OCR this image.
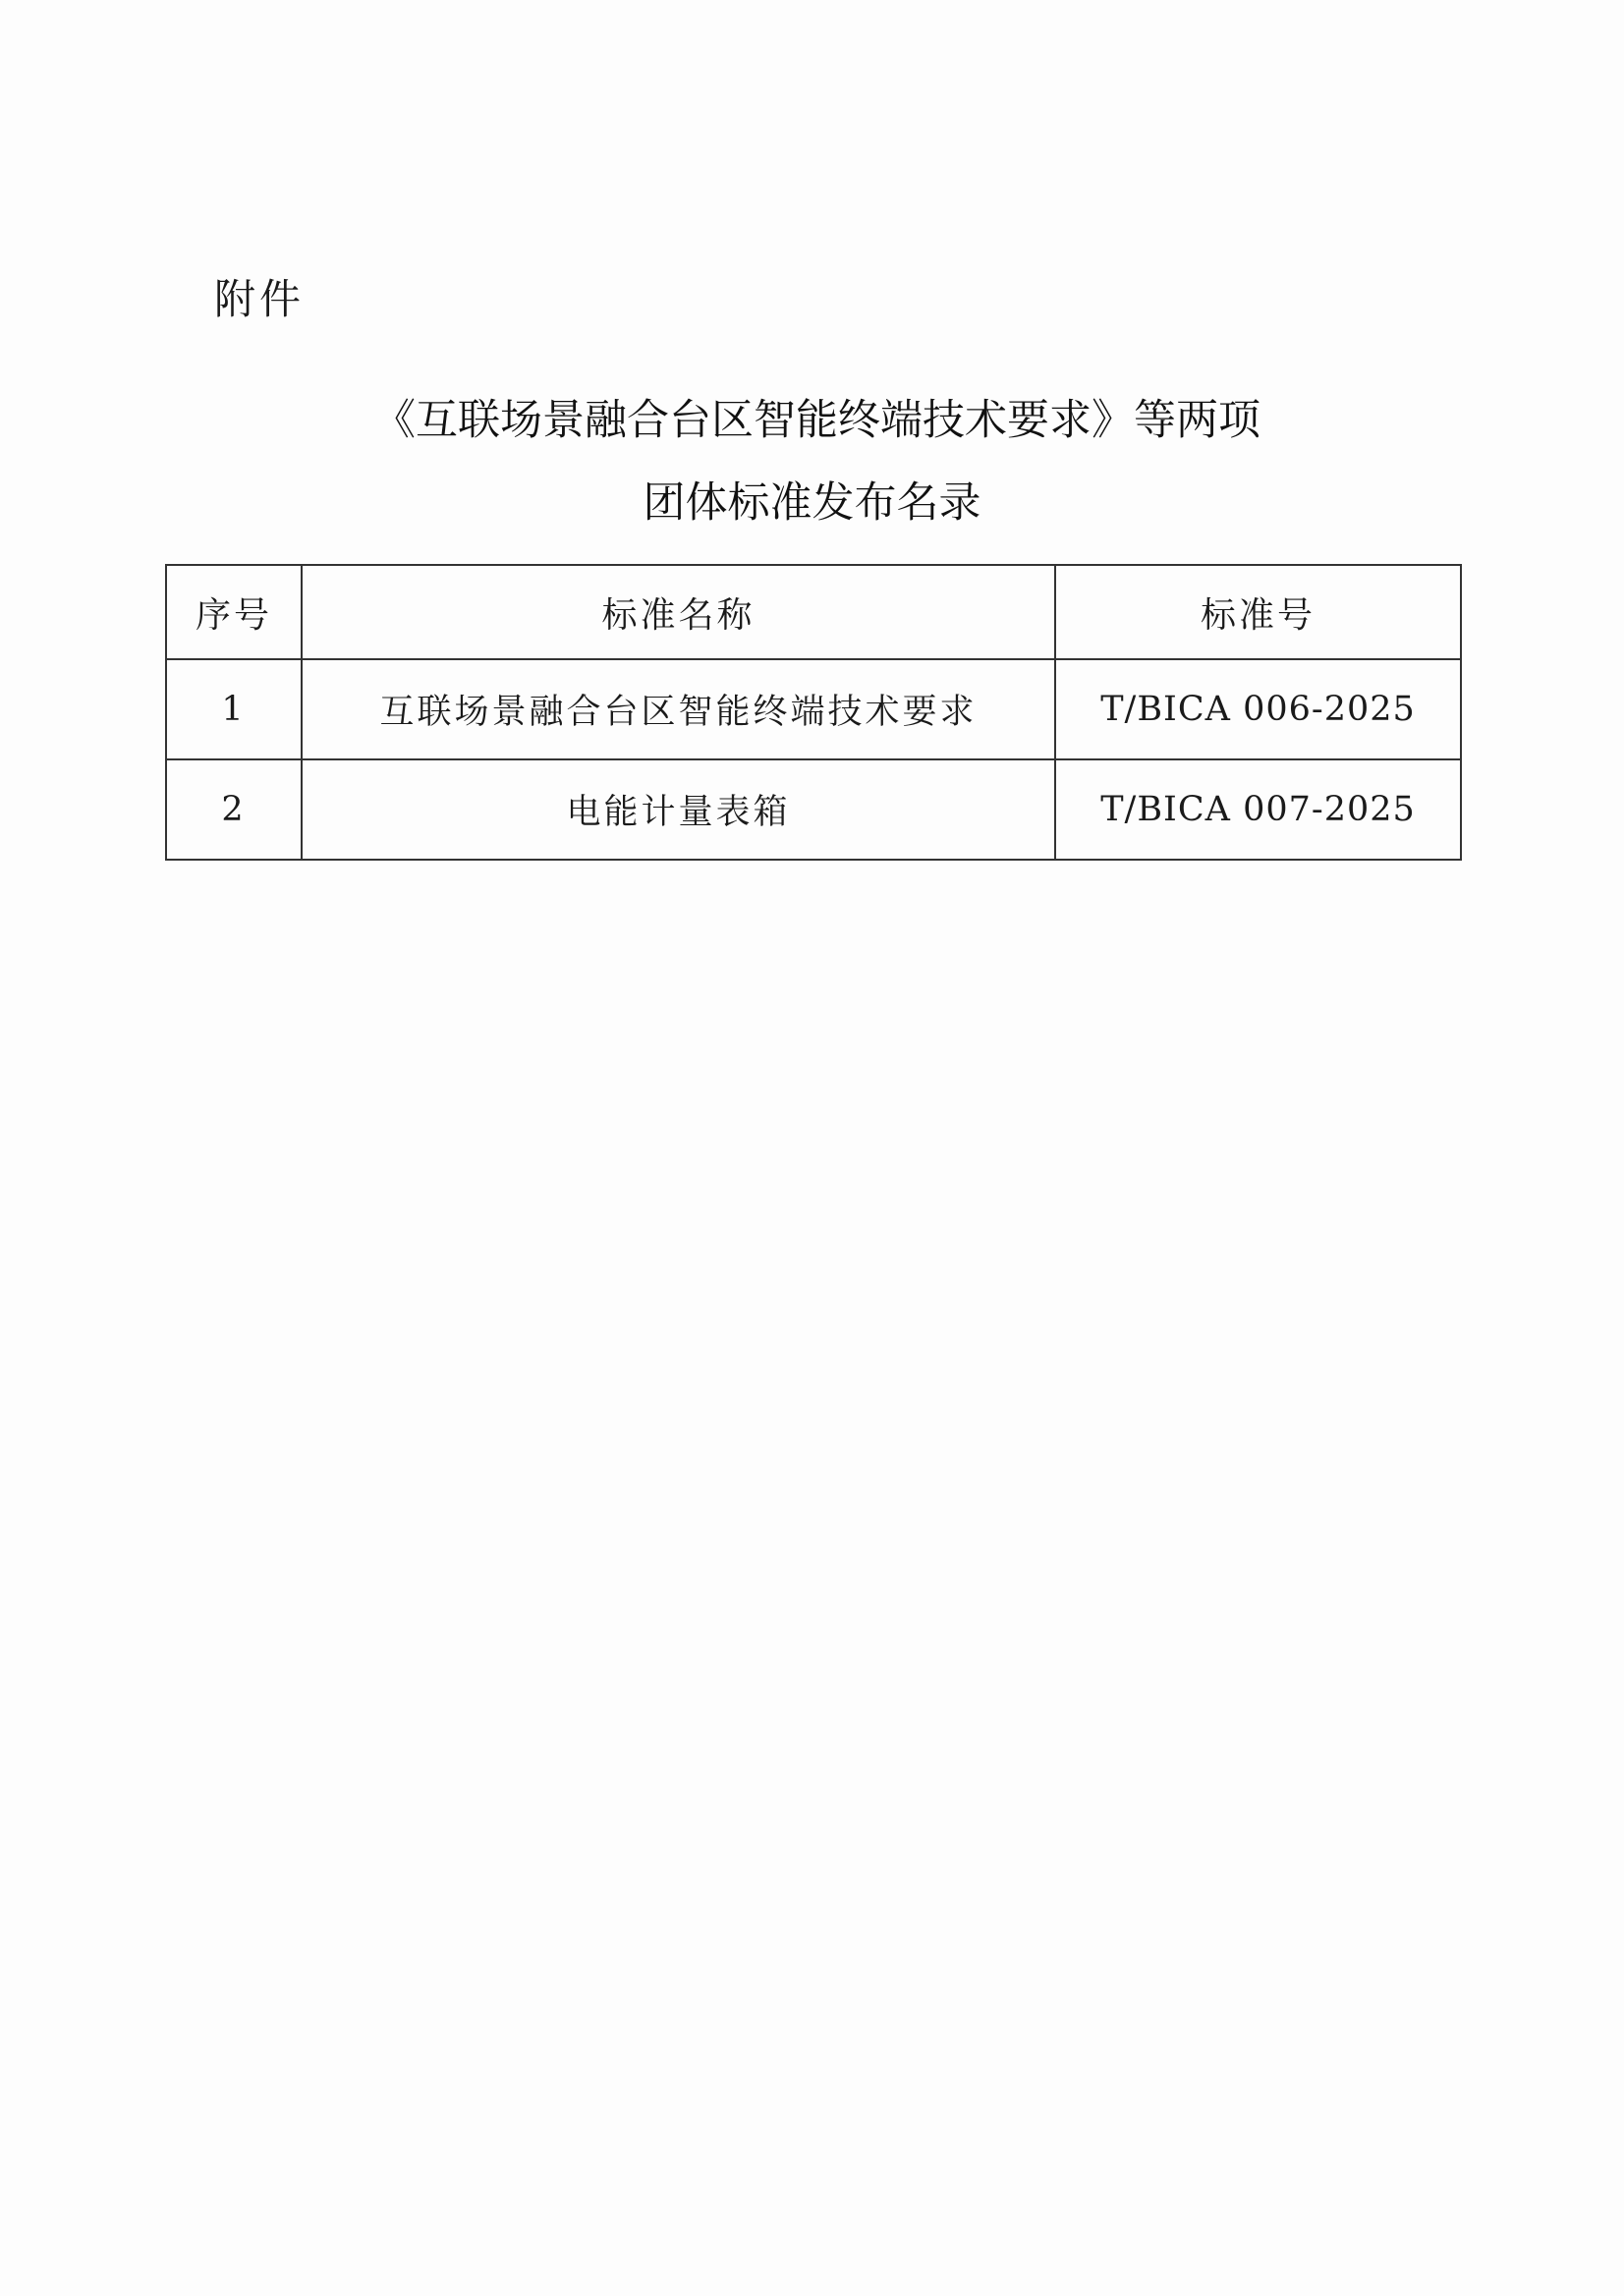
附件
《互联场景融合台区智能终端技术要求》等两项
团体标准发布名录
序号	标准名称	标准号
1	互联场景融合台区智能终端技术要求	T/BICA 006-2025
2	电能计量表箱	T/BICA 007-2025
